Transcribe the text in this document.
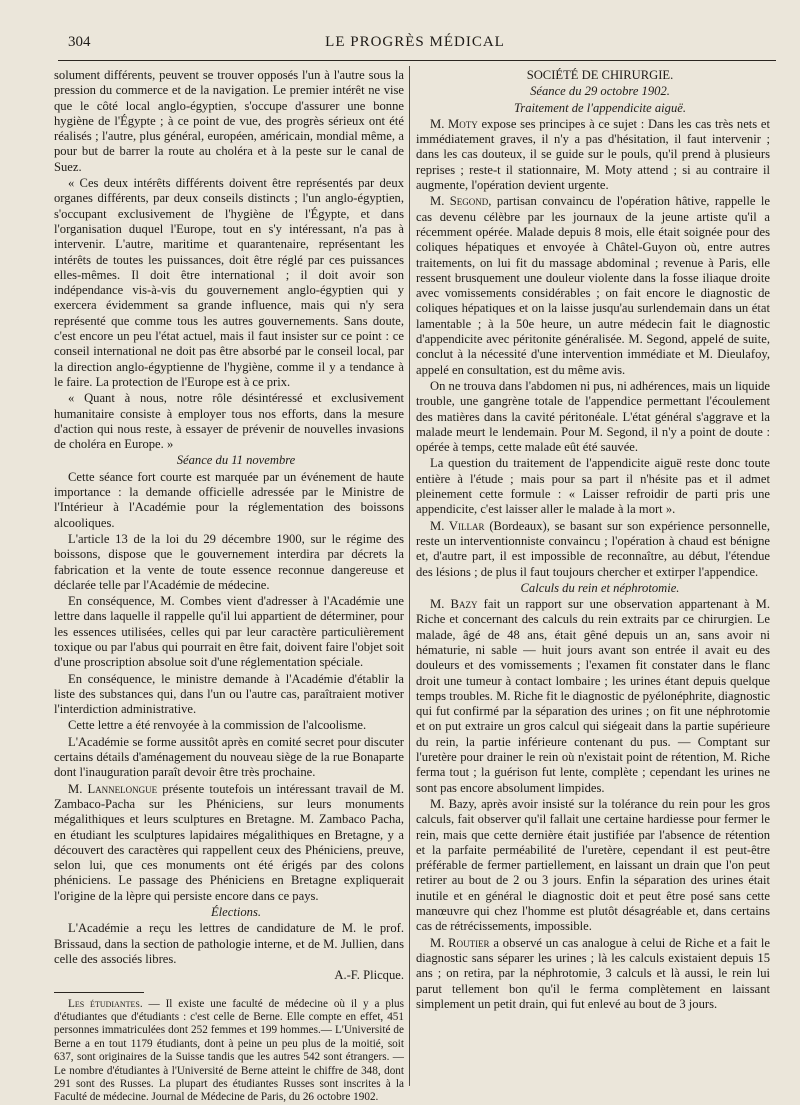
304	LE PROGRÈS MÉDICAL

solument différents, peuvent se trouver opposés l'un à l'autre sous la pression du commerce et de la navigation. Le premier intérêt ne vise que le côté local anglo-égyptien, s'occupe d'assurer une bonne hygiène de l'Égypte ; à ce point de vue, des progrès sérieux ont été réalisés ; l'autre, plus général, européen, américain, mondial même, a pour but de barrer la route au choléra et à la peste sur le canal de Suez.

« Ces deux intérêts différents doivent être représentés par deux organes différents, par deux conseils distincts ; l'un anglo-égyptien, s'occupant exclusivement de l'hygiène de l'Égypte, et dans l'organisation duquel l'Europe, tout en s'y intéressant, n'a pas à intervenir. L'autre, maritime et quarantenaire, représentant les intérêts de toutes les puissances, doit être réglé par ces puissances elles-mêmes. Il doit être international ; il doit avoir son indépendance vis-à-vis du gouvernement anglo-égyptien qui y exercera évidemment sa grande influence, mais qui n'y sera représenté que comme tous les autres gouvernements. Sans doute, c'est encore un peu l'état actuel, mais il faut insister sur ce point : ce conseil international ne doit pas être absorbé par le conseil local, par la direction anglo-égyptienne de l'hygiène, comme il y a tendance à le faire. La protection de l'Europe est à ce prix.

« Quant à nous, notre rôle désintéressé et exclusivement humanitaire consiste à employer tous nos efforts, dans la mesure d'action qui nous reste, à essayer de prévenir de nouvelles invasions de choléra en Europe. »

Séance du 11 novembre

Cette séance fort courte est marquée par un événement de haute importance : la demande officielle adressée par le Ministre de l'Intérieur à l'Académie pour la réglementation des boissons alcooliques.

L'article 13 de la loi du 29 décembre 1900, sur le régime des boissons, dispose que le gouvernement interdira par décrets la fabrication et la vente de toute essence reconnue dangereuse et déclarée telle par l'Académie de médecine.

En conséquence, M. Combes vient d'adresser à l'Académie une lettre dans laquelle il rappelle qu'il lui appartient de déterminer, pour les essences utilisées, celles qui par leur caractère particulièrement toxique ou par l'abus qui pourrait en être fait, doivent faire l'objet soit d'une proscription absolue soit d'une réglementation spéciale.

En conséquence, le ministre demande à l'Académie d'établir la liste des substances qui, dans l'un ou l'autre cas, paraîtraient motiver l'interdiction administrative.

Cette lettre a été renvoyée à la commission de l'alcoolisme.

L'Académie se forme aussitôt après en comité secret pour discuter certains détails d'aménagement du nouveau siège de la rue Bonaparte dont l'inauguration paraît devoir être très prochaine.

M. Lannelongue présente toutefois un intéressant travail de M. Zambaco-Pacha sur les Phéniciens, sur leurs monuments mégalithiques et leurs sculptures en Bretagne. M. Zambaco Pacha, en étudiant les sculptures lapidaires mégalithiques en Bretagne, y a découvert des caractères qui rappellent ceux des Phéniciens, preuve, selon lui, que ces monuments ont été érigés par des colons phéniciens. Le passage des Phéniciens en Bretagne expliquerait l'origine de la lèpre qui persiste encore dans ce pays.

Élections.

L'Académie a reçu les lettres de candidature de M. le prof. Brissaud, dans la section de pathologie interne, et de M. Jullien, dans celle des associés libres.

A.-F. Plicque.

Les étudiantes. — Il existe une faculté de médecine où il y a plus d'étudiantes que d'étudiants : c'est celle de Berne. Elle compte en effet, 451 personnes immatriculées dont 252 femmes et 199 hommes.— L'Université de Berne a en tout 1179 étudiants, dont à peine un peu plus de la moitié, soit 637, sont originaires de la Suisse tandis que les autres 542 sont étrangers. — Le nombre d'étudiantes à l'Université de Berne atteint le chiffre de 348, dont 291 sont des Russes. La plupart des étudiantes Russes sont inscrites à la Faculté de médecine. Journal de Médecine de Paris, du 26 octobre 1902.

SOCIÉTÉ DE CHIRURGIE.

Séance du 29 octobre 1902.

Traitement de l'appendicite aiguë.

M. Moty expose ses principes à ce sujet : Dans les cas très nets et immédiatement graves, il n'y a pas d'hésitation, il faut intervenir ; dans les cas douteux, il se guide sur le pouls, qu'il prend à plusieurs reprises ; reste-t il stationnaire, M. Moty attend ; si au contraire il augmente, l'opération devient urgente.

M. Segond, partisan convaincu de l'opération hâtive, rappelle le cas devenu célèbre par les journaux de la jeune artiste qu'il a récemment opérée. Malade depuis 8 mois, elle était soignée pour des coliques hépatiques et envoyée à Châtel-Guyon où, entre autres traitements, on lui fit du massage abdominal ; revenue à Paris, elle ressent brusquement une douleur violente dans la fosse iliaque droite avec vomissements considérables ; on fait encore le diagnostic de coliques hépatiques et on la laisse jusqu'au surlendemain dans un état lamentable ; à la 50e heure, un autre médecin fait le diagnostic d'appendicite avec péritonite généralisée. M. Segond, appelé de suite, conclut à la nécessité d'une intervention immédiate et M. Dieulafoy, appelé en consultation, est du même avis.

On ne trouva dans l'abdomen ni pus, ni adhérences, mais un liquide trouble, une gangrène totale de l'appendice permettant l'écoulement des matières dans la cavité péritonéale. L'état général s'aggrave et la malade meurt le lendemain. Pour M. Segond, il n'y a point de doute : opérée à temps, cette malade eût été sauvée.

La question du traitement de l'appendicite aiguë reste donc toute entière à l'étude ; mais pour sa part il n'hésite pas et il admet pleinement cette formule : « Laisser refroidir de parti pris une appendicite, c'est laisser aller le malade à la mort ».

M. Villar (Bordeaux), se basant sur son expérience personnelle, reste un interventionniste convaincu ; l'opération à chaud est bénigne et, d'autre part, il est impossible de reconnaître, au début, l'étendue des lésions ; de plus il faut toujours chercher et extirper l'appendice.

Calculs du rein et néphrotomie.

M. Bazy fait un rapport sur une observation appartenant à M. Riche et concernant des calculs du rein extraits par ce chirurgien. Le malade, âgé de 48 ans, était gêné depuis un an, sans avoir ni hématurie, ni sable — huit jours avant son entrée il avait eu des douleurs et des vomissements ; l'examen fit constater dans le flanc droit une tumeur à contact lombaire ; les urines étant depuis quelque temps troubles. M. Riche fit le diagnostic de pyélonéphrite, diagnostic qui fut confirmé par la séparation des urines ; on fit une néphrotomie et on put extraire un gros calcul qui siégeait dans la partie supérieure du rein, la partie inférieure contenant du pus. — Comptant sur l'uretère pour drainer le rein où n'existait point de rétention, M. Riche ferma tout ; la guérison fut lente, complète ; cependant les urines ne sont pas encore absolument limpides.

M. Bazy, après avoir insisté sur la tolérance du rein pour les gros calculs, fait observer qu'il fallait une certaine hardiesse pour fermer le rein, mais que cette dernière était justifiée par l'absence de rétention et la parfaite perméabilité de l'uretère, cependant il est peut-être préférable de fermer partiellement, en laissant un drain que l'on peut retirer au bout de 2 ou 3 jours. Enfin la séparation des urines était inutile et en général le diagnostic doit et peut être posé sans cette manœuvre qui chez l'homme est plutôt désagréable et, dans certains cas de rétrécissements, impossible.

M. Routier a observé un cas analogue à celui de Riche et a fait le diagnostic sans séparer les urines ; là les calculs existaient depuis 15 ans ; on retira, par la néphrotomie, 3 calculs et là aussi, le rein lui parut tellement bon qu'il le ferma complètement en laissant simplement un petit drain, qui fut enlevé au bout de 3 jours.
